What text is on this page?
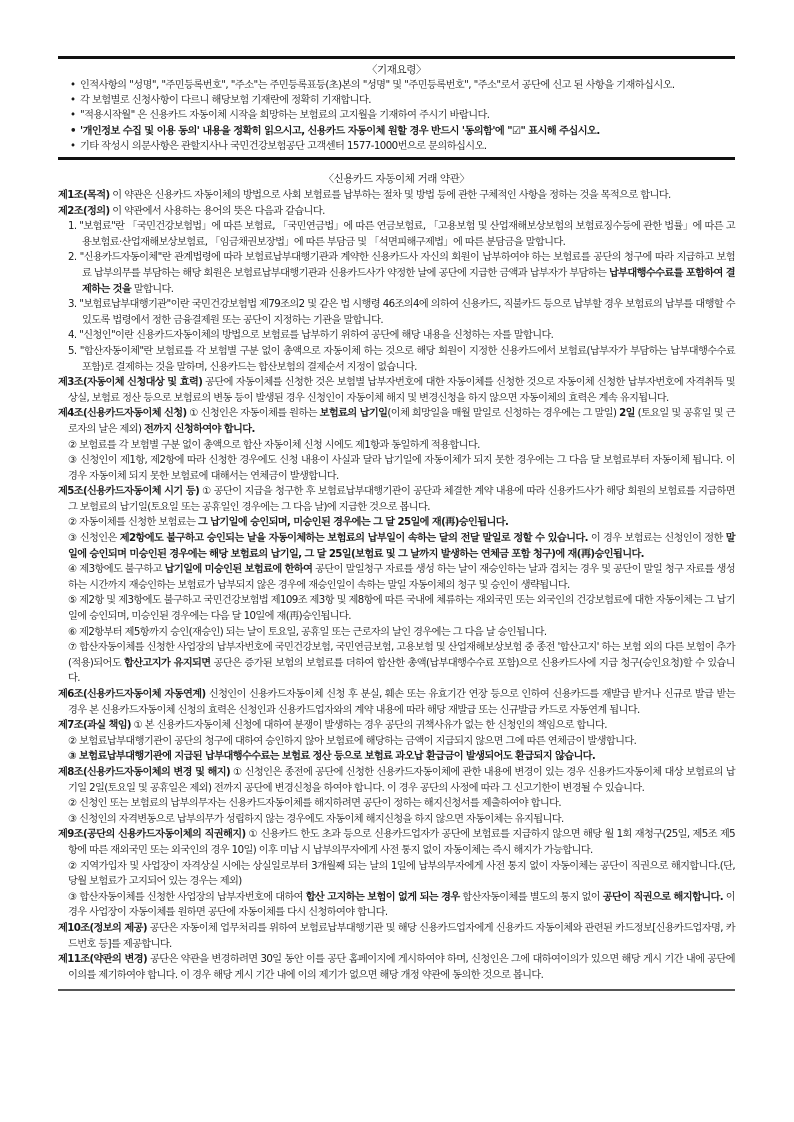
〈기재요령〉
• 인적사항의 "성명", "주민등록번호", "주소"는 주민등록표등(초)본의 "성명" 및 "주민등록번호", "주소"로서 공단에 신고 된 사항을 기재하십시오.
• 각 보험별로 신청사항이 다르니 해당보험 기재란에 정확히 기재합니다.
• "적용시작월" 은 신용카드 자동이체 시작을 희망하는 보험료의 고지월을 기재하여 주시기 바랍니다.
• '개인정보 수집 및 이용 동의' 내용을 정확히 읽으시고, 신용카드 자동이체 원할 경우 반드시 '동의함'에 "☑" 표시해 주십시오.
• 기타 작성시 의문사항은 관할지사나 국민건강보험공단 고객센터 1577-1000번으로 문의하십시오.
〈신용카드 자동이체 거래 약관〉

제1조(목적) 이 약관은 신용카드 자동이체의 방법으로 사회 보험료를 납부하는 절차 및 방법 등에 관한 구체적인 사항을 정하는 것을 목적으로 합니다.

제2조(정의) 이 약관에서 사용하는 용어의 뜻은 다음과 같습니다.

1. "보험료"란 「국민건강보험법」에 따른 보험료, 「국민연금법」에 따른 연금보험료, 「고용보험 및 산업재해보상보험의 보험료징수등에 관한 법률」에 따른 고용보험료·산업재해보상보험료, 「임금채권보장법」에 따른 부담금 및 「석면피해구제법」에 따른 분담금을 말합니다.

2. "신용카드자동이체"란 관계법령에 따라 보험료납부대행기관과 계약한 신용카드사 자신의 회원이 납부하여야 하는 보험료를 공단의 청구에 따라 지급하고 보험료 납부의무를 부담하는 해당 회원은 보험료납부대행기관과 신용카드사가 약정한 날에 공단에 지급한 금액과 납부자가 부담하는 납부대행수수료를 포함하여 결제하는 것을 말합니다.

3. "보험료납부대행기관"이란 국민건강보험법 제79조의2 및 같은 법 시행령 46조의4에 의하여 신용카드, 직불카드 등으로 납부할 경우 보험료의 납부를 대행할 수 있도록 법령에서 정한 금융결제원 또는 공단이 지정하는 기관을 말합니다.

4. "신청인"이란 신용카드자동이체의 방법으로 보험료를 납부하기 위하여 공단에 해당 내용을 신청하는 자를 말합니다.

5. "합산자동이체"란 보험료를 각 보험별 구분 없이 총액으로 자동이체 하는 것으로 해당 회원이 지정한 신용카드에서 보험료(납부자가 부담하는 납부대행수수료 포함)로 결제하는 것을 말하며, 신용카드는 합산보험의 결제순서 지정이 없습니다.

제3조(자동이체 신청대상 및 효력) 공단에 자동이체를 신청한 것은 보험별 납부자번호에 대한 자동이체를 신청한 것으로 자동이체 신청한 납부자번호에 자격취득 및 상실, 보험료 정산 등으로 보험료의 변동 등이 발생된 경우 신청인이 자동이체 해지 및 변경신청을 하지 않으면 자동이체의 효력은 계속 유지됩니다.

제4조(신용카드자동이체 신청) ① 신청인은 자동이체를 원하는 보험료의 납기일(이체 희망일을 매월 말일로 신청하는 경우에는 그 말일) 2일 (토요일 및 공휴일 및 근로자의 날은 제외) 전까지 신청하여야 합니다.

② 보험료를 각 보험별 구분 없이 총액으로 합산 자동이체 신청 시에도 제1항과 동일하게 적용합니다.

③ 신청인이 제1항, 제2항에 따라 신청한 경우에도 신청 내용이 사실과 달라 납기일에 자동이체가 되지 못한 경우에는 그 다음 달 보험료부터 자동이체 됩니다. 이 경우 자동이체 되지 못한 보험료에 대해서는 연체금이 발생합니다.

제5조(신용카드자동이체 시기 등) ① 공단이 지급을 청구한 후 보험료납부대행기관이 공단과 체결한 계약 내용에 따라 신용카드사가 해당 회원의 보험료를 지급하면 그 보험료의 납기일(토요일 또는 공휴일인 경우에는 그 다음 날)에 지급한 것으로 봅니다.

② 자동이체를 신청한 보험료는 그 납기일에 승인되며, 미승인된 경우에는 그 달 25일에 재(再)승인됩니다.

③ 신청인은 제2항에도 불구하고 승인되는 날을 자동이체하는 보험료의 납부일이 속하는 달의 전달 말일로 정할 수 있습니다. 이 경우 보험료는 신청인이 정한 말일에 승인되며 미승인된 경우에는 해당 보험료의 납기일, 그 달 25일(보험료 및 그 날까지 발생하는 연체금 포함 청구)에 재(再)승인됩니다.

④ 제3항에도 불구하고 납기일에 미승인된 보험료에 한하여 공단이 말일청구 자료를 생성 하는 날이 재승인하는 날과 겹치는 경우 및 공단이 말일 청구 자료를 생성하는 시간까지 재승인하는 보험료가 납부되지 않은 경우에 재승인일이 속하는 말일 자동이체의 청구 및 승인이 생략됩니다.

⑤ 제2항 및 제3항에도 불구하고 국민건강보험법 제109조 제3항 및 제8항에 따른 국내에 체류하는 재외국민 또는 외국인의 건강보험료에 대한 자동이체는 그 납기일에 승인되며, 미승인된 경우에는 다음 달 10일에 재(再)승인됩니다.

⑥ 제2항부터 제5항까지 승인(재승인) 되는 날이 토요일, 공휴일 또는 근로자의 날인 경우에는 그 다음 날 승인됩니다.

⑦ 합산자동이체를 신청한 사업장의 납부자번호에 국민건강보험, 국민연금보험, 고용보험 및 산업재해보상보험 중 종전 '합산고지' 하는 보험 외의 다른 보험이 추가(적용)되어도 합산고지가 유지되면 공단은 증가된 보험의 보험료를 더하여 합산한 총액(납부대행수수료 포함)으로 신용카드사에 지급 청구(승인요청)할 수 있습니다.

제6조(신용카드자동이체 자동연계) 신청인이 신용카드자동이체 신청 후 분실, 훼손 또는 유효기간 연장 등으로 인하여 신용카드를 재발급 받거나 신규로 발급 받는 경우 본 신용카드자동이체 신청의 효력은 신청인과 신용카드업자와의 계약 내용에 따라 해당 재발급 또는 신규발급 카드로 자동연계 됩니다.

제7조(과실 책임) ① 본 신용카드자동이체 신청에 대하여 분쟁이 발생하는 경우 공단의 귀책사유가 없는 한 신청인의 책임으로 합니다.

② 보험료납부대행기관이 공단의 청구에 대하여 승인하지 않아 보험료에 해당하는 금액이 지급되지 않으면 그에 따른 연체금이 발생합니다.

③ 보험료납부대행기관에 지급된 납부대행수수료는 보험료 정산 등으로 보험료 과오납 환급금이 발생되어도 환급되지 않습니다.

제8조(신용카드자동이체의 변경 및 해지) ① 신청인은 종전에 공단에 신청한 신용카드자동이체에 관한 내용에 변경이 있는 경우 신용카드자동이체 대상 보험료의 납기일 2일(토요일 및 공휴일은 제외) 전까지 공단에 변경신청을 하여야 합니다. 이 경우 공단의 사정에 따라 그 신고기한이 변경될 수 있습니다.

② 신청인 또는 보험료의 납부의무자는 신용카드자동이체를 해지하려면 공단이 정하는 해지신청서를 제출하여야 합니다.

③ 신청인의 자격변동으로 납부의무가 성립하지 않는 경우에도 자동이체 해지신청을 하지 않으면 자동이체는 유지됩니다.

제9조(공단의 신용카드자동이체의 직권해지) ① 신용카드 한도 초과 등으로 신용카드업자가 공단에 보험료를 지급하지 않으면 해당 월 1회 재청구(25일, 제5조 제5항에 따른 재외국민 또는 외국인의 경우 10일) 이후 미납 시 납부의무자에게 사전 통지 없이 자동이체는 즉시 해지가 가능합니다.

② 지역가입자 및 사업장이 자격상실 시에는 상실일로부터 3개월째 되는 날의 1일에 납부의무자에게 사전 통지 없이 자동이체는 공단이 직권으로 해지합니다.(단, 당월 보험료가 고지되어 있는 경우는 제외)

③ 합산자동이체를 신청한 사업장의 납부자번호에 대하여 합산 고지하는 보험이 없게 되는 경우 합산자동이체를 별도의 통지 없이 공단이 직권으로 해지합니다. 이 경우 사업장이 자동이체를 원하면 공단에 자동이체를 다시 신청하여야 합니다.

제10조(정보의 제공) 공단은 자동이체 업무처리를 위하여 보험료납부대행기관 및 해당 신용카드업자에게 신용카드 자동이체와 관련된 카드정보[신용카드업자명, 카드번호 등]를 제공합니다.

제11조(약관의 변경) 공단은 약관을 변경하려면 30일 동안 이를 공단 홈페이지에 게시하여야 하며, 신청인은 그에 대하여이의가 있으면 해당 게시 기간 내에 공단에 이의를 제기하여야 합니다. 이 경우 해당 게시 기간 내에 이의 제기가 없으면 해당 개정 약관에 동의한 것으로 봅니다.
